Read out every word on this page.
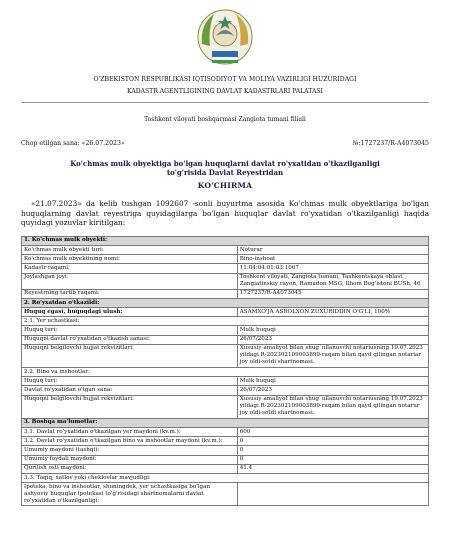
O'ZBEKISTON RESPUBLIKASI IQTISODIYOT VA MOLIYA VAZIRLIGI HUZURIDAGI
KADASTR AGENTLIGINING DAVLAT KADASTRLARI PALATASI
Toshkent viloyati boshqarmasi Zangiota tumani filiali
Chop etilgan sana: «26.07.2023»	№:1727237/R-A4073045
Ko'chmas mulk obyektiga bo'lgan huquqlarni davlat ro'yxatidan o'tkazilganligi to'g'risida Davlat Reyestridan
KO'CHIRMA
«21.07.2023» da kelib tushgan 1092607 -sonli buyurtma asosida Ko'chmas mulk obyektlariga bo'lgan huquqlarning davlat reyestriga quyidagilarga bo'lgan huquqlar davlat ro'yxatidan o'tkazilganligi haqida quyidagi yozuvlar kiritilgan:
1. Ko'chmas mulk obyekti:	
Ko'chmas mulk obyekti turi:	Noturar
Ko'chmas mulk obyektining nomi:	Bino-inshoat
Kadastr raqami:	11:04:04:01:03:1067
Joylashgan joyi:	Toshkent viloyati, Zangiota tumani, Tashkentskaya oblast`, Zangiatinskiy rayon, Ramadon MSG, Ilhom Bog'istoni BUSh, 46
Reyestrning tartib raqami:	1727237/R-A4073045
2. Ro'yxatdan o'tkazildi:	
Huquq egasi, huquqdagi ulush:	ASAMXO'JA ASROLXON ZUXURIDDIN O'G'LI, 100%
2.1. Yer uchastkasi:	
Huquq turi:	Mulk huquqi
Huquqni davlat ro'yxatidan o'tkazish sanasi:	26/07/2023
Huquqni belgilovchi hujjat rekvizitlari:	Xususiy amaliyot bilan shug`ullanuvchi notariusning 19.07.2023 yildagi R-202302109003899-raqam bilan qayd qilingan notariar joy oldi-sotdi shartnomasi.
2.2. Bino va inshootlar:	
Huquq turi:	Mulk huquqi
Davlat ro'yxatidan o'tgan sana:	26/07/2023
Huquqni belgilovchi hujjat rekvizitlari:	Xususiy amaliyot bilan shug`ullanuvchi notariusning 19.07.2023 yildagi R-202302109003899-raqam bilan qayd qilingan notarur joy oldi-sotdi shartnomasi.
3. Boshqa ma'lumotlar:	
3.1. Davlat ro'yxatidan o'tkazilgan yer maydoni (kv.m.):	600
3.2. Davlat ro'yxatidan o'tkazilgan bino va inshootlar maydoni (kv.m.):	0
Umumiy maydoni (tashqi):	0
Umumiy foydali maydoni:	0
Qurilish osti maydoni:	41.4
3.3. Taqiq, xatlov yoki cheklovlar mavjudligi:	
Ipoteka, bino va inshootlar, shuningdek, yer uchastkasiga bo'lgan ashyoviy huquqlar ipotekasi to'g'risidagi shartnomalarni davlat ro'yxatidan o'tkazilganligi:	
